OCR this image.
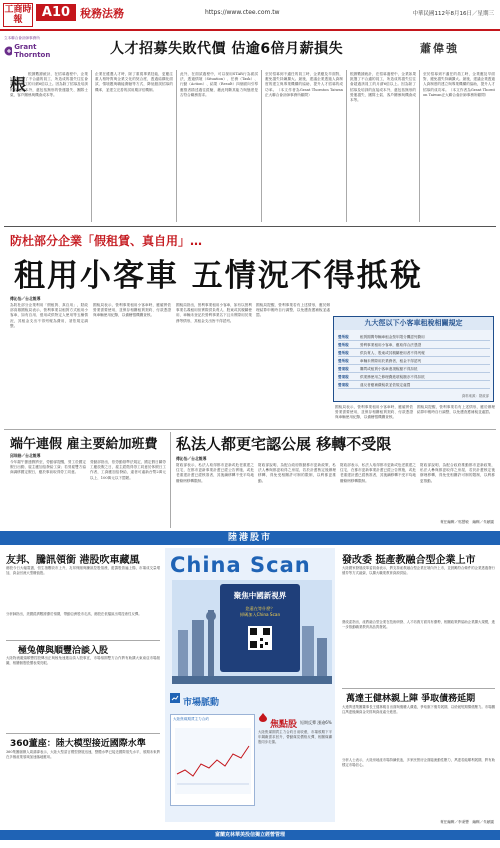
工商時報	A10 稅務法務	https://www.ctee.com.tw	中華民國112年8月16日／星期三
立本聯合會計師事務所
Grant Thornton	人才招募失敗代價 估逾6倍月薪損失	蕭偉強
根
根據數據統計，在招募過程中，企業如果挑選了不合適的員工，所造成的損失往往會超過該員工的月薪6倍以上。因為除了招募及培訓的直接成本外，還包括無形的營運損失、團隊士氣、客戶關係與機會成本等。
企業在遴選人才時，除了重視專業技能，更應注重人格特質與企業文化的契合度，透過結構化面試、情境題與職能測驗等方式，降低錯誤招募的機率，並建立完善的試用期評估機制。
此外，在面試過程中，可以採用STAR行為面試法，透過情境（Situation）、任務（Task）、行動（Action）、結果（Result）四個面向引導應徵者描述過往經驗，藉此判斷其能力與態度是否符合職務需求。
至於招募到不適任的員工時，企業應及早面對，避免損失持續擴大。最後，建議企業透過人資制度的建立與專業機構的協助，提升人才招募的成功率。（本文作者為Grant Thornton Taiwan正大聯合會計師事務所顧問）
根據數據統計，在招募過程中，企業如果挑選了不合適的員工，所造成的損失往往會超過該員工的月薪6倍以上。因為除了招募及培訓的直接成本外，還包括無形的營運損失、團隊士氣、客戶關係與機會成本等。
至於招募到不適任的員工時，企業應及早面對，避免損失持續擴大。最後，建議企業透過人資制度的建立與專業機構的協助，提升人才招募的成功率。（本文作者為Grant Thornton Taiwan正大聯合會計師事務所顧問）
防杜部分企業「假租賃、真自用」…
租用小客車 五情況不得抵稅
傅沁怡／台北報導
為防杜部分企業利用「假租賃、真自用」，財政部高雄國稅局表示，營利事業以租賃方式租用小客車，如有自用、借用或供特定人使用等五種情況，其租金支出不得列報為費用，須依規定調整。
國稅局表示，營利事業租用小客車時，應確實依營業需要使用，並保存相關租賃契約、付款憑證與車輛使用紀錄，以備稽徵機關查核。
國稅局指出，營利事業租用小客車，如有以營利事業名義租用但實際供負責人、股東或其親屬使用、車輛未登記於營利事業名下且未實際用於業務等情形，其租金支出皆不得認列。
國稅局提醒，營利事業若有上述情形，應於辦理結算申報時自行調整，以免遭查獲補稅並處罰。
九大徑以下小客車租稅相關規定
營所稅	租賃期間每輛車租金按年限分攤認列費用
營所稅	營利事業租用小客車，應取得合法憑證
營所稅	供負責人、股東或其親屬使用者不得列報
營所稅	車輛未實際用於業務者，租金不得認列
營業稅	購買或租賃小客車進項稅額不得扣抵
營業稅	供業務使用之修理費進項稅額亦不得扣抵
營業稅	違反者應補繳稅款並依規定處罰
資料來源：財政部
國稅局表示，營利事業租用小客車時，應確實依營業需要使用，並保存相關租賃契約、付款憑證與車輛使用紀錄，以備稽徵機關查核。
國稅局提醒，營利事業若有上述情形，應於辦理結算申報時自行調整，以免遭查獲補稅並處罰。
端午連假 雇主要給加班費
邱琮皓／台北報導
今年端午節連假將至，勞動部提醒，勞工於國定假日出勤，雇主應加倍發給工資；若勞雇雙方協商調移國定假日，應於事前取得勞工同意。
勞動部指出，依勞動基準法規定，國定假日屬勞工應放假之日，雇主經徵得勞工同意於休假日工作者，工資應加倍發給，違者可處新台幣2萬元以上、100萬元以下罰鍰。
私法人都更宅認公展 移轉不受限
傅沁怡／台北報導
財政部表示，私法人取得都市更新或危老重建之住宅，在都市更新事業計畫已經公告實施，或危老重建計畫已經核准者，其後續移轉不受平均地權條例移轉限制。
財政部說明，為配合政府推動都市更新政策，私法人參與都更取得之房屋，若於計畫核定後辦理移轉，得免受相關許可制的限制，以利都更推動。
財政部表示，私法人取得都市更新或危老重建之住宅，在都市更新事業計畫已經公告實施，或危老重建計畫已經核准者，其後續移轉不受平均地權條例移轉限制。
財政部說明，為配合政府推動都市更新政策，私法人參與都更取得之房屋，若於計畫核定後辦理移轉，得免受相關許可制的限制，以利都更推動。
責任編輯／郭慧敏　編輯／朱頤圓
陸港股市
友邦、騰訊領銜 港股吹車藏風
港股今日大幅震盪，恒生指數收市上升，友邦保險與騰訊控股領漲，藍籌股普遍上揚，市場成交量增加，資金回流大型權值股。
分析師指出，美國經濟數據優於預期，帶動亞洲股市走高，港股在低檔區出現技術性反彈。
極兔傳與順豐洽談入股
大陸物流龍頭順豐控股傳出正與極兔速遞洽談入股事宜，市場預期雙方合作將有助擴大東南亞市場版圖，相關個股股價表現亮眼。
360董座：陸大模型接近國際水準
360集團創辦人周鴻禕表示，大陸大型語言模型發展迅速，整體水準已接近國際領先水平，預期未來將在多個產業領域加速落地應用。
China Scan
聚焦中國新視界
您還在等什麼？
掃碼加入China Scan
市場脈動
大陸焦煤期貨主力合約
焦點股 短期反彈 漲逾6%
大陸焦煤期貨主力合約日前收漲，市場預期下半年鋼廠需求回升，帶動煤炭價格反彈，相關煤礦股同步走揚。
發改委 挺產教融合型企業上市
大陸國家發展改革委員會表示，將支持產教融合型企業在境內外上市，並鼓勵符合條件的企業透過發行債券等方式融資，以擴大職業教育資源供給。
發改委指出，產教融合型企業在技術研發、人才培養方面具有優勢，相關政策將協助企業擴大規模，進一步推動職業教育高品質發展。
萬達王健林親上陣 爭取債務延期
大連萬達集團董事長王健林親自出面與債權人溝通，爭取旗下債券展期，以紓緩短期償債壓力。市場關注萬達後續資金安排與資產處分進度。
分析人士表示，大陸房地產市場持續低迷，多家民營房企面臨流動性壓力，萬達若能順利展期，將有助穩定市場信心。
責任編輯／李秉豐　編輯／朱頤圓
富蘭克林華美投信獨立經營管理
